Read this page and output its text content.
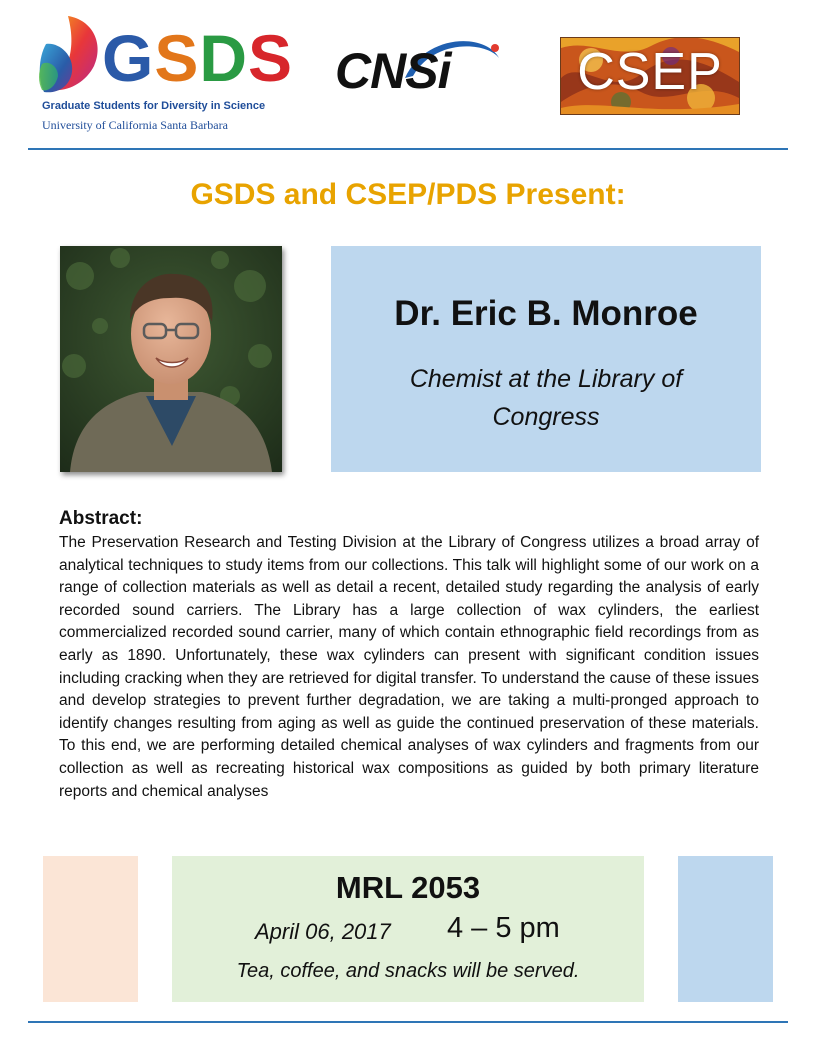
GSDS
Graduate Students for Diversity in Science
University of California Santa Barbara
CNSi	CSEP
GSDS and CSEP/PDS Present:
Dr. Eric B. Monroe
Chemist at the Library of Congress
Abstract:
The Preservation Research and Testing Division at the Library of Congress utilizes a broad array of analytical techniques to study items from our collections. This talk will highlight some of our work on a range of collection materials as well as detail a recent, detailed study regarding the analysis of early recorded sound carriers. The Library has a large collection of wax cylinders, the earliest commercialized recorded sound carrier, many of which contain ethnographic field recordings from as early as 1890. Unfortunately, these wax cylinders can present with significant condition issues including cracking when they are retrieved for digital transfer. To understand the cause of these issues and develop strategies to prevent further degradation, we are taking a multi-pronged approach to identify changes resulting from aging as well as guide the continued preservation of these materials. To this end, we are performing detailed chemical analyses of wax cylinders and fragments from our collection as well as recreating historical wax compositions as guided by both primary literature reports and chemical analyses
MRL 2053
April 06, 2017 4 – 5 pm
Tea, coffee, and snacks will be served.
